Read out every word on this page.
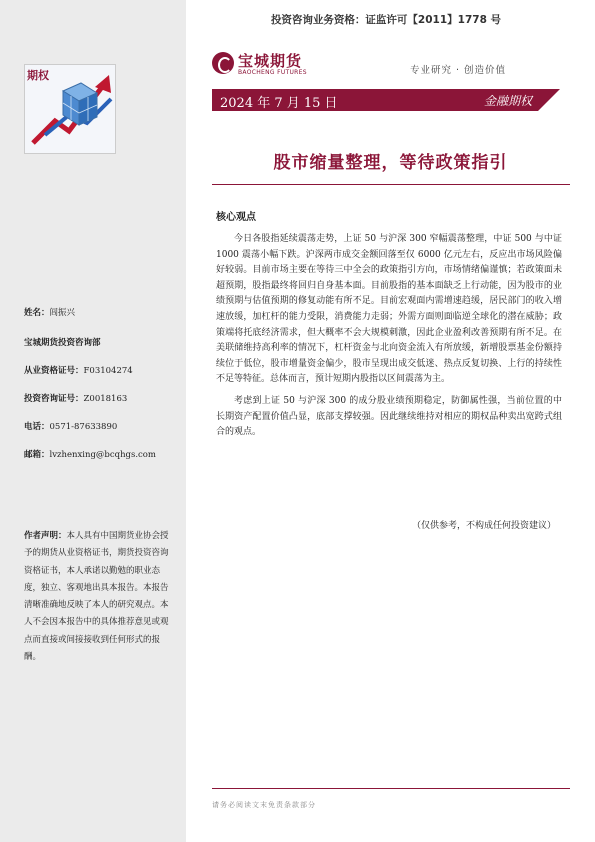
投资咨询业务资格：证监许可【2011】1778 号
期权
宝城期货
BAOCHENG FUTURES	专业研究 · 创造价值
2024 年 7 月 15 日	金融期权
股市缩量整理，等待政策指引
核心观点

今日各股指延续震荡走势，上证 50 与沪深 300 窄幅震荡整理，中证 500 与中证 1000 震荡小幅下跌。沪深两市成交金额回落至仅 6000 亿元左右，反应出市场风险偏好较弱。目前市场主要在等待三中全会的政策指引方向，市场情绪偏谨慎；若政策面未超预期，股指最终将回归自身基本面。目前股指的基本面缺乏上行动能，因为股市的业绩预期与估值预期的修复动能有所不足。目前宏观面内需增速趋缓，居民部门的收入增速放缓，加杠杆的能力受限，消费能力走弱；外需方面则面临逆全球化的潜在威胁；政策端将托底经济需求，但大概率不会大规模刺激，因此企业盈利改善预期有所不足。在美联储维持高利率的情况下，杠杆资金与北向资金流入有所放缓，新增股票基金份额持续位于低位，股市增量资金偏少，股市呈现出成交低迷、热点反复切换、上行的持续性不足等特征。总体而言，预计短期内股指以区间震荡为主。

考虑到上证 50 与沪深 300 的成分股业绩预期稳定，防御属性强，当前位置的中长期资产配置价值凸显，底部支撑较强。因此继续维持对相应的期权品种卖出宽跨式组合的观点。

（仅供参考，不构成任何投资建议）
姓名：闾振兴
宝城期货投资咨询部
从业资格证号：F03104274
投资咨询证号：Z0018163
电话：0571-87633890
邮箱：lvzhenxing@bcqhgs.com
作者声明：本人具有中国期货业协会授予的期货从业资格证书，期货投资咨询资格证书，本人承诺以勤勉的职业态度，独立、客观地出具本报告。本报告清晰准确地反映了本人的研究观点。本人不会因本报告中的具体推荐意见或观点而直接或间接接收到任何形式的报酬。
请务必阅读文末免责条款部分
